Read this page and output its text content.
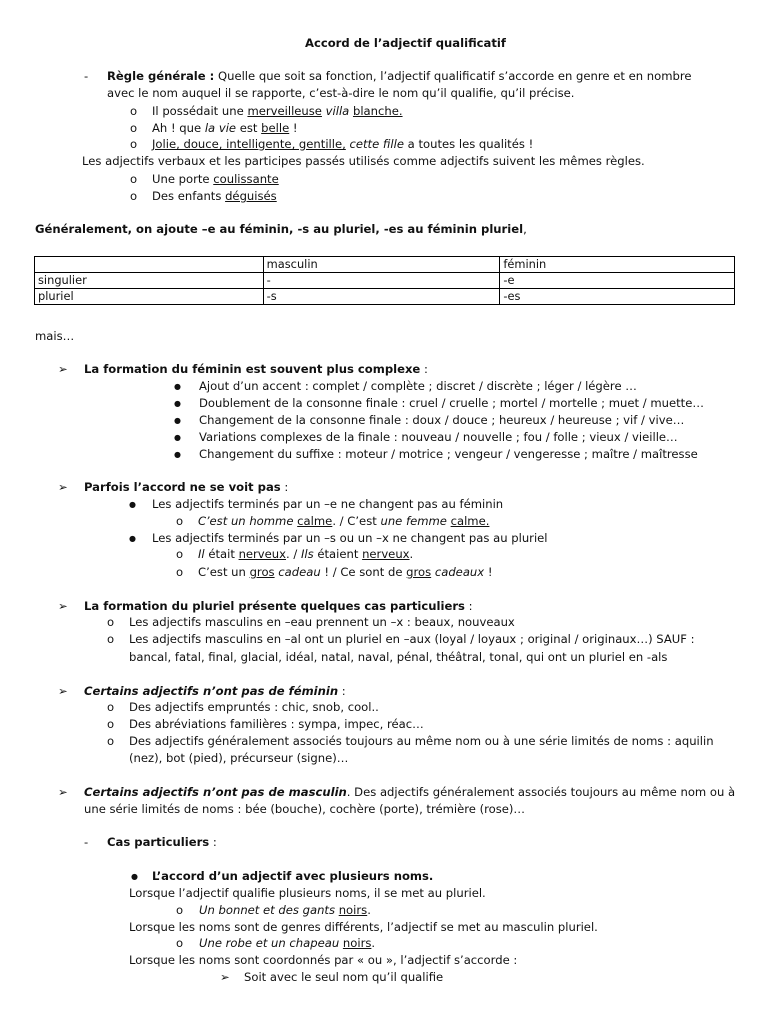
Accord de l’adjectif qualificatif
- Règle générale : Quelle que soit sa fonction, l’adjectif qualificatif s’accorde en genre et en nombre
avec le nom auquel il se rapporte, c’est-à-dire le nom qu’il qualifie, qu’il précise.
o Il possédait une merveilleuse villa blanche.
o Ah ! que la vie est belle !
o Jolie, douce, intelligente, gentille, cette fille a toutes les qualités !
Les adjectifs verbaux et les participes passés utilisés comme adjectifs suivent les mêmes règles.
o Une porte coulissante
o Des enfants déguisés
Généralement, on ajoute –e au féminin, -s au pluriel, -es au féminin pluriel,
	masculin	féminin
singulier	-	-e
pluriel	-s	-es
mais…
➢ La formation du féminin est souvent plus complexe :
● Ajout d’un accent : complet / complète ; discret / discrète ; léger / légère …
● Doublement de la consonne finale : cruel / cruelle ; mortel / mortelle ; muet / muette…
● Changement de la consonne finale : doux / douce ; heureux / heureuse ; vif / vive…
● Variations complexes de la finale : nouveau / nouvelle ; fou / folle ; vieux / vieille…
● Changement du suffixe : moteur / motrice ; vengeur / vengeresse ; maître / maîtresse
➢ Parfois l’accord ne se voit pas :
● Les adjectifs terminés par un –e ne changent pas au féminin
o C’est un homme calme. / C’est une femme calme.
● Les adjectifs terminés par un –s ou un –x ne changent pas au pluriel
o Il était nerveux. / Ils étaient nerveux.
o C’est un gros cadeau ! / Ce sont de gros cadeaux !
➢ La formation du pluriel présente quelques cas particuliers :
o Les adjectifs masculins en –eau prennent un –x : beaux, nouveaux
o Les adjectifs masculins en –al ont un pluriel en –aux (loyal / loyaux ; original / originaux…) SAUF :
bancal, fatal, final, glacial, idéal, natal, naval, pénal, théâtral, tonal, qui ont un pluriel en -als
➢ Certains adjectifs n’ont pas de féminin :
o Des adjectifs empruntés : chic, snob, cool..
o Des abréviations familières : sympa, impec, réac…
o Des adjectifs généralement associés toujours au même nom ou à une série limités de noms : aquilin
(nez), bot (pied), précurseur (signe)…
➢ Certains adjectifs n’ont pas de masculin. Des adjectifs généralement associés toujours au même nom ou à
une série limités de noms : bée (bouche), cochère (porte), trémière (rose)…
- Cas particuliers :
● L’accord d’un adjectif avec plusieurs noms.
Lorsque l’adjectif qualifie plusieurs noms, il se met au pluriel.
o Un bonnet et des gants noirs.
Lorsque les noms sont de genres différents, l’adjectif se met au masculin pluriel.
o Une robe et un chapeau noirs.
Lorsque les noms sont coordonnés par « ou », l’adjectif s’accorde :
➢ Soit avec le seul nom qu’il qualifie
